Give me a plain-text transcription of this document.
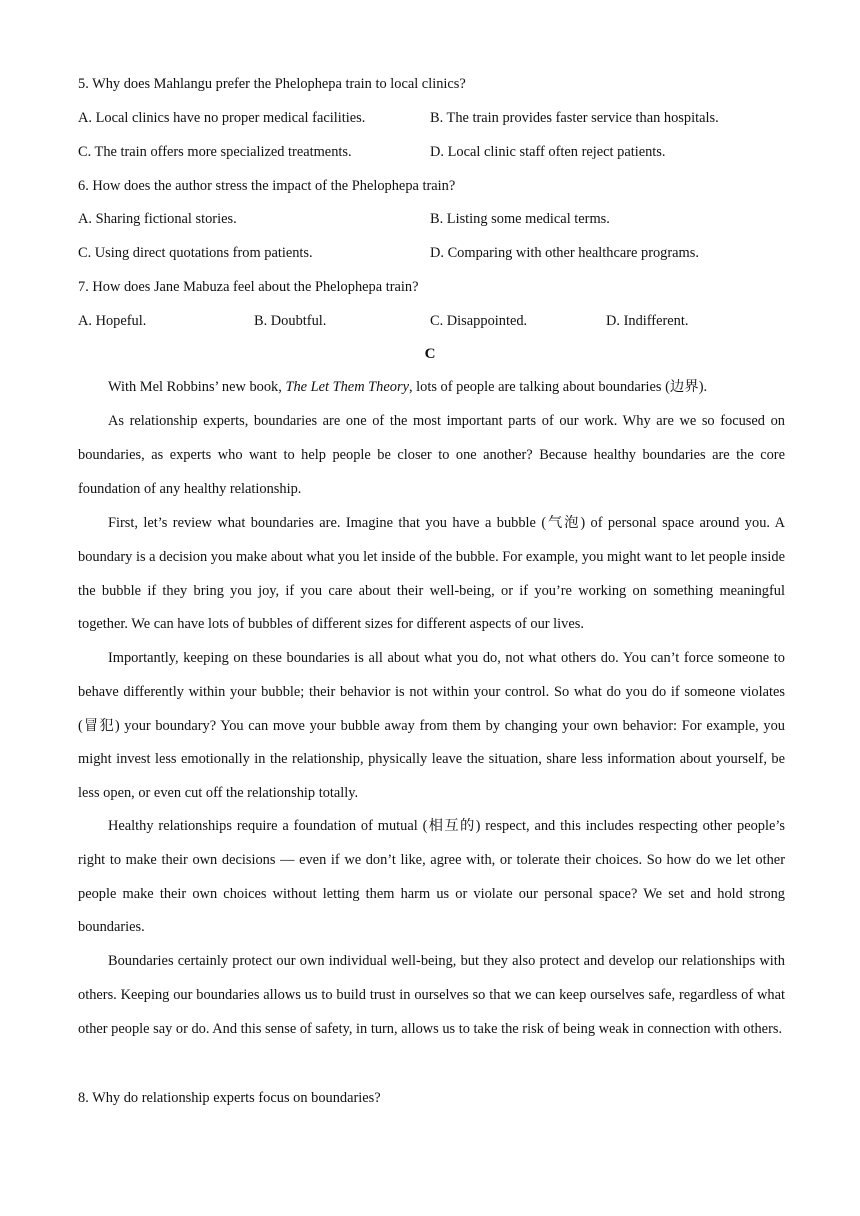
5. Why does Mahlangu prefer the Phelophepa train to local clinics?
A. Local clinics have no proper medical facilities.	B. The train provides faster service than hospitals.
C. The train offers more specialized treatments.	D. Local clinic staff often reject patients.
6. How does the author stress the impact of the Phelophepa train?
A. Sharing fictional stories.	B. Listing some medical terms.
C. Using direct quotations from patients.	D. Comparing with other healthcare programs.
7. How does Jane Mabuza feel about the Phelophepa train?
A. Hopeful.	B. Doubtful.	C. Disappointed.	D. Indifferent.
C
With Mel Robbins’ new book, The Let Them Theory, lots of people are talking about boundaries (边界).
As relationship experts, boundaries are one of the most important parts of our work. Why are we so focused on boundaries, as experts who want to help people be closer to one another? Because healthy boundaries are the core foundation of any healthy relationship.
First, let’s review what boundaries are. Imagine that you have a bubble (气泡) of personal space around you. A boundary is a decision you make about what you let inside of the bubble. For example, you might want to let people inside the bubble if they bring you joy, if you care about their well-being, or if you’re working on something meaningful together. We can have lots of bubbles of different sizes for different aspects of our lives.
Importantly, keeping on these boundaries is all about what you do, not what others do. You can’t force someone to behave differently within your bubble; their behavior is not within your control. So what do you do if someone violates (冒犯) your boundary? You can move your bubble away from them by changing your own behavior: For example, you might invest less emotionally in the relationship, physically leave the situation, share less information about yourself, be less open, or even cut off the relationship totally.
Healthy relationships require a foundation of mutual (相互的) respect, and this includes respecting other people’s right to make their own decisions — even if we don’t like, agree with, or tolerate their choices. So how do we let other people make their own choices without letting them harm us or violate our personal space? We set and hold strong boundaries.
Boundaries certainly protect our own individual well-being, but they also protect and develop our relationships with others. Keeping our boundaries allows us to build trust in ourselves so that we can keep ourselves safe, regardless of what other people say or do. And this sense of safety, in turn, allows us to take the risk of being weak in connection with others.
8. Why do relationship experts focus on boundaries?
